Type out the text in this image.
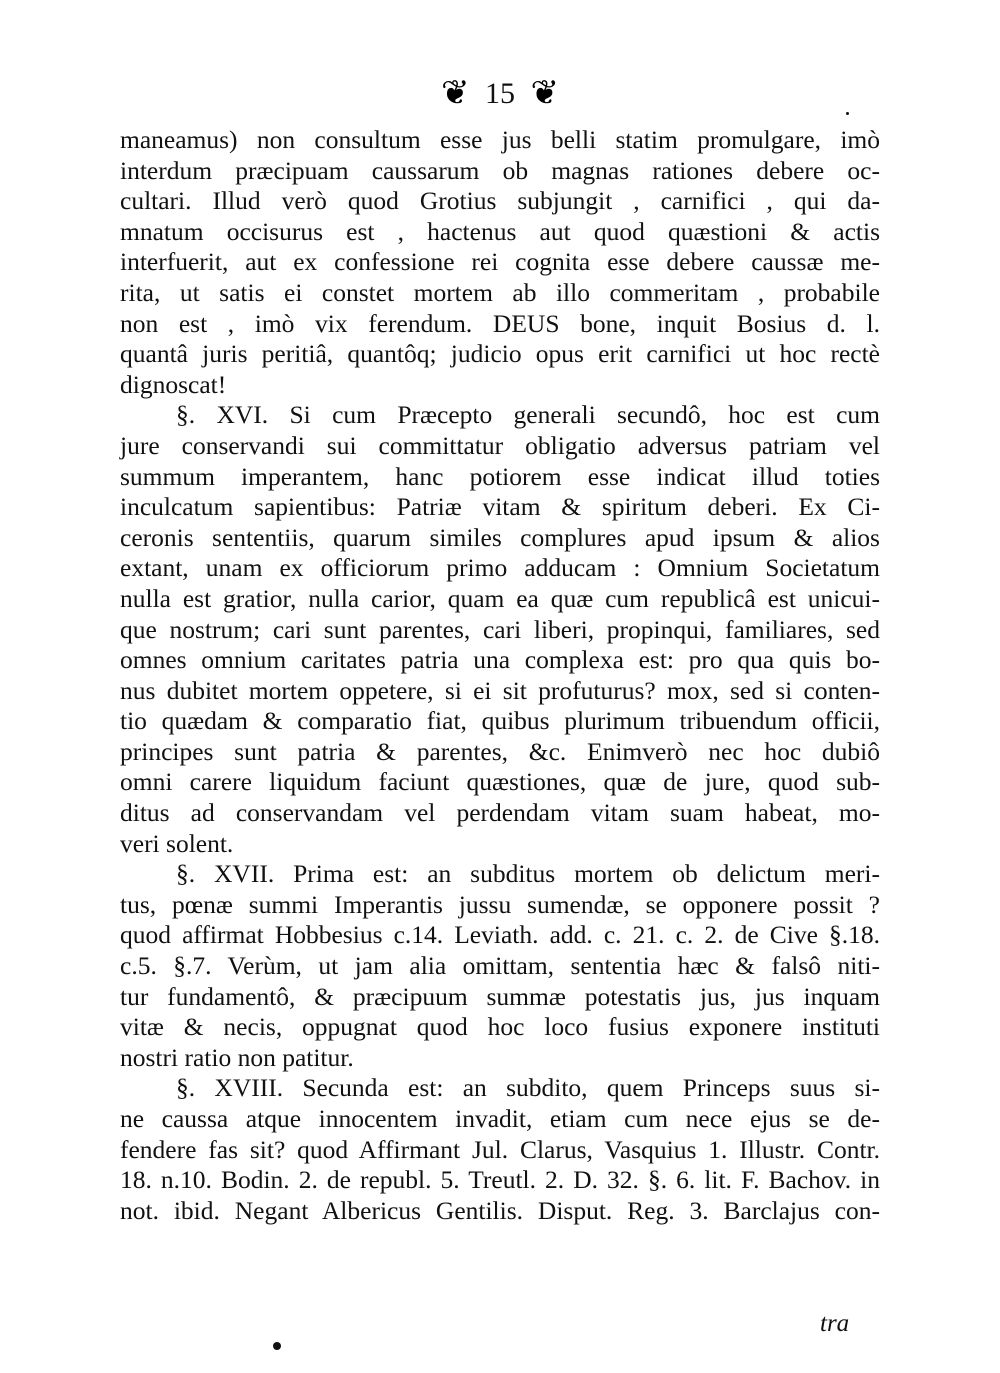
❦ 15 ❦
maneamus) non consultum esse jus belli statim promulgare, imò
interdum præcipuam caussarum ob magnas rationes debere oc-
cultari. Illud verò quod Grotius subjungit , carnifici , qui da-
mnatum occisurus est , hactenus aut quod quæstioni & actis
interfuerit, aut ex confessione rei cognita esse debere caussæ me-
rita, ut satis ei constet mortem ab illo commeritam , probabile
non est , imò vix ferendum. DEUS bone, inquit Bosius d. l.
quantâ juris peritiâ, quantôq; judicio opus erit carnifici ut hoc rectè
dignoscat!
§. XVI. Si cum Præcepto generali secundô, hoc est cum
jure conservandi sui committatur obligatio adversus patriam vel
summum imperantem, hanc potiorem esse indicat illud toties
inculcatum sapientibus: Patriæ vitam & spiritum deberi. Ex Ci-
ceronis sententiis, quarum similes complures apud ipsum & alios
extant, unam ex officiorum primo adducam : Omnium Societatum
nulla est gratior, nulla carior, quam ea quæ cum republicâ est unicui-
que nostrum; cari sunt parentes, cari liberi, propinqui, familiares, sed
omnes omnium caritates patria una complexa est: pro qua quis bo-
nus dubitet mortem oppetere, si ei sit profuturus? mox, sed si conten-
tio quædam & comparatio fiat, quibus plurimum tribuendum officii,
principes sunt patria & parentes, &c. Enimverò nec hoc dubiô
omni carere liquidum faciunt quæstiones, quæ de jure, quod sub-
ditus ad conservandam vel perdendam vitam suam habeat, mo-
veri solent.
§. XVII. Prima est: an subditus mortem ob delictum meri-
tus, pœnæ summi Imperantis jussu sumendæ, se opponere possit ?
quod affirmat Hobbesius c.14. Leviath. add. c. 21. c. 2. de Cive §.18.
c.5. §.7. Verùm, ut jam alia omittam, sententia hæc & falsô niti-
tur fundamentô, & præcipuum summæ potestatis jus, jus inquam
vitæ & necis, oppugnat quod hoc loco fusius exponere instituti
nostri ratio non patitur.
§. XVIII. Secunda est: an subdito, quem Princeps suus si-
ne caussa atque innocentem invadit, etiam cum nece ejus se de-
fendere fas sit? quod Affirmant Jul. Clarus, Vasquius 1. Illustr. Contr.
18. n.10. Bodin. 2. de republ. 5. Treutl. 2. D. 32. §. 6. lit. F. Bachov. in
not. ibid. Negant Albericus Gentilis. Disput. Reg. 3. Barclajus con-
tra
